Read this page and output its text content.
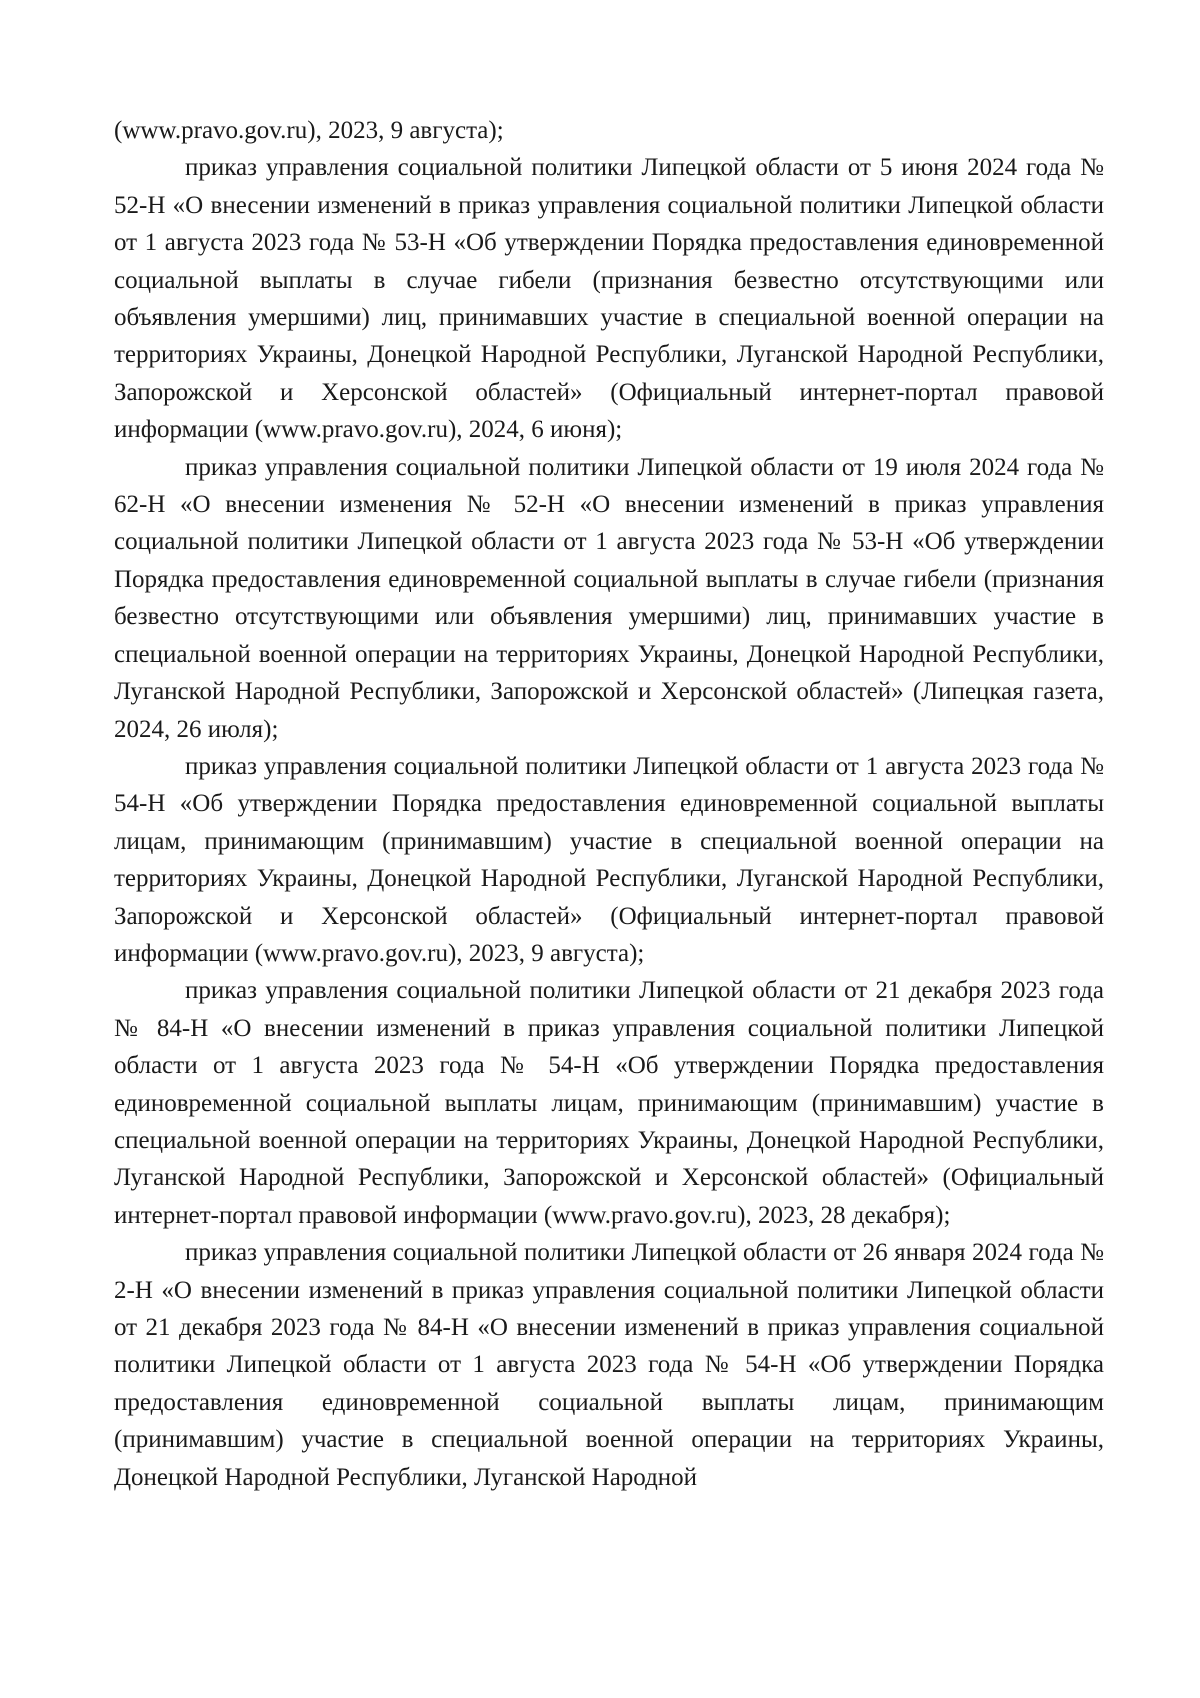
(www.pravo.gov.ru), 2023, 9 августа);

приказ управления социальной политики Липецкой области от 5 июня 2024 года № 52-Н «О внесении изменений в приказ управления социальной политики Липецкой области от 1 августа 2023 года № 53-Н «Об утверждении Порядка предоставления единовременной социальной выплаты в случае гибели (признания безвестно отсутствующими или объявления умершими) лиц, принимавших участие в специальной военной операции на территориях Украины, Донецкой Народной Республики, Луганской Народной Республики, Запорожской и Херсонской областей» (Официальный интернет-портал правовой информации (www.pravo.gov.ru), 2024, 6 июня);

приказ управления социальной политики Липецкой области от 19 июля 2024 года № 62-Н «О внесении изменения № 52-Н «О внесении изменений в приказ управления социальной политики Липецкой области от 1 августа 2023 года № 53-Н «Об утверждении Порядка предоставления единовременной социальной выплаты в случае гибели (признания безвестно отсутствующими или объявления умершими) лиц, принимавших участие в специальной военной операции на территориях Украины, Донецкой Народной Республики, Луганской Народной Республики, Запорожской и Херсонской областей» (Липецкая газета, 2024, 26 июля);

приказ управления социальной политики Липецкой области от 1 августа 2023 года № 54-Н «Об утверждении Порядка предоставления единовременной социальной выплаты лицам, принимающим (принимавшим) участие в специальной военной операции на территориях Украины, Донецкой Народной Республики, Луганской Народной Республики, Запорожской и Херсонской областей» (Официальный интернет-портал правовой информации (www.pravo.gov.ru), 2023, 9 августа);

приказ управления социальной политики Липецкой области от 21 декабря 2023 года № 84-Н «О внесении изменений в приказ управления социальной политики Липецкой области от 1 августа 2023 года № 54-Н «Об утверждении Порядка предоставления единовременной социальной выплаты лицам, принимающим (принимавшим) участие в специальной военной операции на территориях Украины, Донецкой Народной Республики, Луганской Народной Республики, Запорожской и Херсонской областей» (Официальный интернет-портал правовой информации (www.pravo.gov.ru), 2023, 28 декабря);

приказ управления социальной политики Липецкой области от 26 января 2024 года № 2-Н «О внесении изменений в приказ управления социальной политики Липецкой области от 21 декабря 2023 года № 84-Н «О внесении изменений в приказ управления социальной политики Липецкой области от 1 августа 2023 года № 54-Н «Об утверждении Порядка предоставления единовременной социальной выплаты лицам, принимающим (принимавшим) участие в специальной военной операции на территориях Украины, Донецкой Народной Республики, Луганской Народной
